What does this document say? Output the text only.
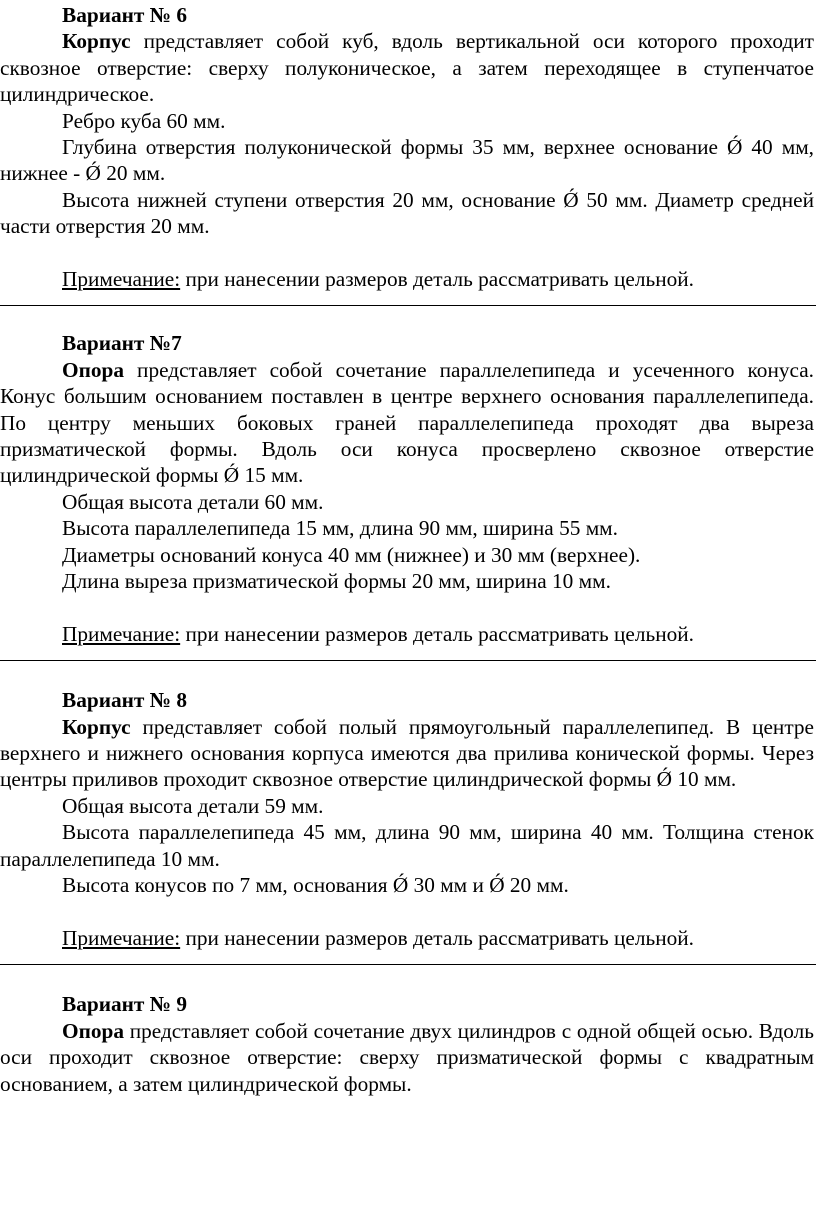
Вариант № 6

Корпус представляет собой куб, вдоль вертикальной оси которого проходит сквозное отверстие: сверху полуконическое, а затем переходящее в ступенчатое цилиндрическое.

Ребро куба 60 мм.

Глубина отверстия полуконической формы 35 мм, верхнее основание Ǿ 40 мм, нижнее - Ǿ 20 мм.

Высота нижней ступени отверстия 20 мм, основание Ǿ 50 мм. Диаметр средней части отверстия 20 мм.

Примечание: при нанесении размеров деталь рассматривать цельной.

Вариант №7

Опора представляет собой сочетание параллелепипеда и усеченного конуса. Конус большим основанием поставлен в центре верхнего основания параллелепипеда. По центру меньших боковых граней параллелепипеда проходят два выреза призматической формы. Вдоль оси конуса просверлено сквозное отверстие цилиндрической формы Ǿ 15 мм.

Общая высота детали 60 мм.

Высота параллелепипеда 15 мм, длина 90 мм, ширина 55 мм.

Диаметры оснований конуса 40 мм (нижнее) и 30 мм (верхнее).

Длина выреза призматической формы 20 мм, ширина 10 мм.

Примечание: при нанесении размеров деталь рассматривать цельной.

Вариант № 8

Корпус представляет собой полый прямоугольный параллелепипед. В центре верхнего и нижнего основания корпуса имеются два прилива конической формы. Через центры приливов проходит сквозное отверстие цилиндрической формы Ǿ 10 мм.

Общая высота детали 59 мм.

Высота параллелепипеда 45 мм, длина 90 мм, ширина 40 мм. Толщина стенок параллелепипеда 10 мм.

Высота конусов по 7 мм, основания Ǿ 30 мм и Ǿ 20 мм.

Примечание: при нанесении размеров деталь рассматривать цельной.

Вариант № 9

Опора представляет собой сочетание двух цилиндров с одной общей осью. Вдоль оси проходит сквозное отверстие: сверху призматической формы с квадратным основанием, а затем цилиндрической формы.
